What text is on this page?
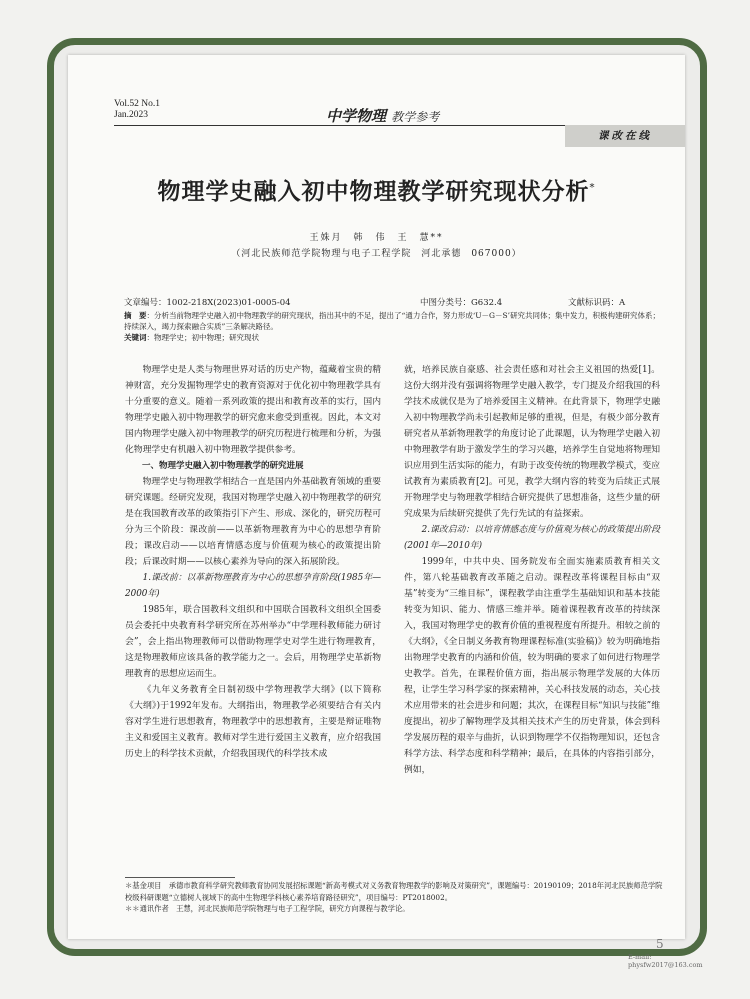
Vol.52 No.1
Jan.2023	中学物理 教学参考
课改在线
物理学史融入初中物理教学研究现状分析*
王姝月　韩　伟　王　慧**
（河北民族师范学院物理与电子工程学院　河北承德　067000）
文章编号：1002-218X(2023)01-0005-04	中图分类号：G632.4	文献标识码：A
摘　要：分析当前物理学史融入初中物理教学的研究现状，指出其中的不足，提出了“通力合作，努力形成‘U－G－S’研究共同体；集中发力，积极构建研究体系；持续深入，竭力探索融合实质”三条解决路径。
关键词：物理学史；初中物理；研究现状

物理学史是人类与物理世界对话的历史产物，蕴藏着宝贵的精神财富，充分发掘物理学史的教育资源对于优化初中物理教学具有十分重要的意义。随着一系列政策的提出和教育改革的实行，国内物理学史融入初中物理教学的研究愈来愈受到重视。因此，本文对国内物理学史融入初中物理教学的研究历程进行梳理和分析，为强化物理学史有机融入初中物理教学提供参考。

一、物理学史融入初中物理教学的研究进展

物理学史与物理教学相结合一直是国内外基础教育领域的重要研究课题。经研究发现，我国对物理学史融入初中物理教学的研究是在我国教育改革的政策指引下产生、形成、深化的，研究历程可分为三个阶段：课改前——以革新物理教育为中心的思想孕育阶段；课改启动——以培育情感态度与价值观为核心的政策提出阶段；后课改时期——以核心素养为导向的深入拓展阶段。

1.课改前：以革新物理教育为中心的思想孕育阶段(1985年—2000年)

1985年，联合国教科文组织和中国联合国教科文组织全国委员会委托中央教育科学研究所在苏州举办“中学理科教师能力研讨会”，会上指出物理教师可以借助物理学史对学生进行物理教育，这是物理教师应该具备的教学能力之一。会后，用物理学史革新物理教育的思想应运而生。

《九年义务教育全日制初级中学物理教学大纲》(以下简称《大纲》)于1992年发布。大纲指出，物理教学必须要结合有关内容对学生进行思想教育，物理教学中的思想教育，主要是辩证唯物主义和爱国主义教育。教师对学生进行爱国主义教育，应介绍我国历史上的科学技术贡献，介绍我国现代的科学技术成

就，培养民族自豪感、社会责任感和对社会主义祖国的热爱[1]。这份大纲并没有强调将物理学史融入教学，专门提及介绍我国的科学技术成就仅是为了培养爱国主义精神。在此背景下，物理学史融入初中物理教学尚未引起教师足够的重视，但是，有极少部分教育研究者从革新物理教学的角度讨论了此课题，认为物理学史融入初中物理教学有助于激发学生的学习兴趣，培养学生自觉地将物理知识应用到生活实际的能力，有助于改变传统的物理教学模式，变应试教育为素质教育[2]。可见，教学大纲内容的转变为后续正式展开物理学史与物理教学相结合研究提供了思想准备，这些少量的研究成果为后续研究提供了先行先试的有益探索。

2.课改启动：以培育情感态度与价值观为核心的政策提出阶段(2001年—2010年)

1999年，中共中央、国务院发布全面实施素质教育相关文件，第八轮基础教育改革随之启动。课程改革将课程目标由“双基”转变为“三维目标”，课程教学由注重学生基础知识和基本技能转变为知识、能力、情感三维并举。随着课程教育改革的持续深入，我国对物理学史的教育价值的重视程度有所提升。相较之前的《大纲》，《全日制义务教育物理课程标准(实验稿)》较为明确地指出物理学史教育的内涵和价值，较为明确的要求了如何进行物理学史教学。首先，在课程价值方面，指出展示物理学发展的大体历程，让学生学习科学家的探索精神，关心科技发展的动态，关心技术应用带来的社会进步和问题；其次，在课程目标“知识与技能”维度提出，初步了解物理学及其相关技术产生的历史背景，体会到科学发展历程的艰辛与曲折，认识到物理学不仅指物理知识，还包含科学方法、科学态度和科学精神；最后，在具体的内容指引部分，例如，

＊基金项目　承德市教育科学研究教师教育协同发展招标课题“新高考模式对义务教育物理教学的影响及对策研究”，课题编号：20190109；2018年河北民族师范学院校级科研课题“立德树人视域下的高中生物理学科核心素养培育路径研究”，项目编号：PT2018002。
＊＊通讯作者　王慧，河北民族师范学院物理与电子工程学院，研究方向课程与教学论。
5
E-mail: physfw2017@163.com
